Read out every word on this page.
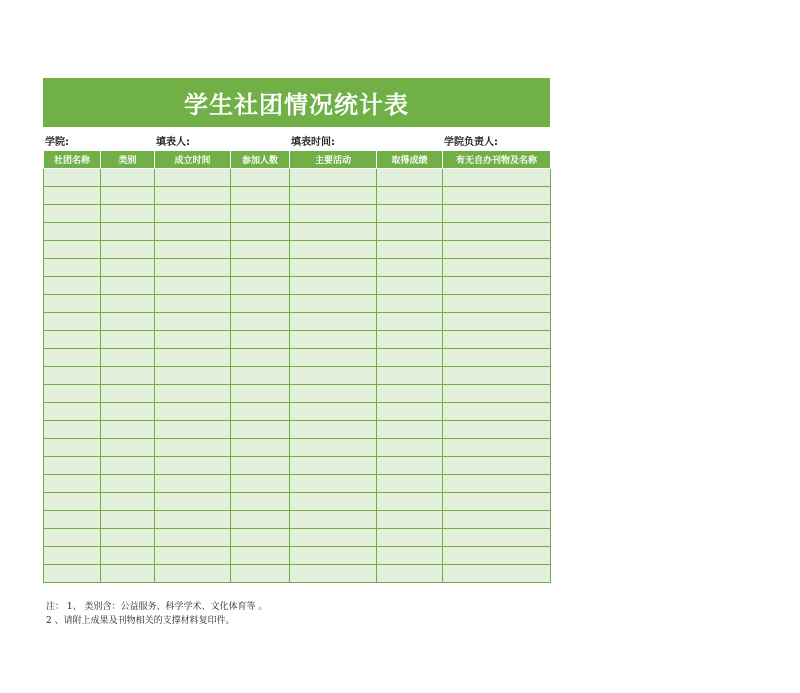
学生社团情况统计表
学院:	填表人:	填表时间:	学院负责人:
社团名称	类别	成立时间	参加人数	主要活动	取得成绩	有无自办刊物及名称

注： 1、 类别含：公益服务、科学学术、文化体育等 。
2 、请附上成果及刊物相关的支撑材料复印件。
